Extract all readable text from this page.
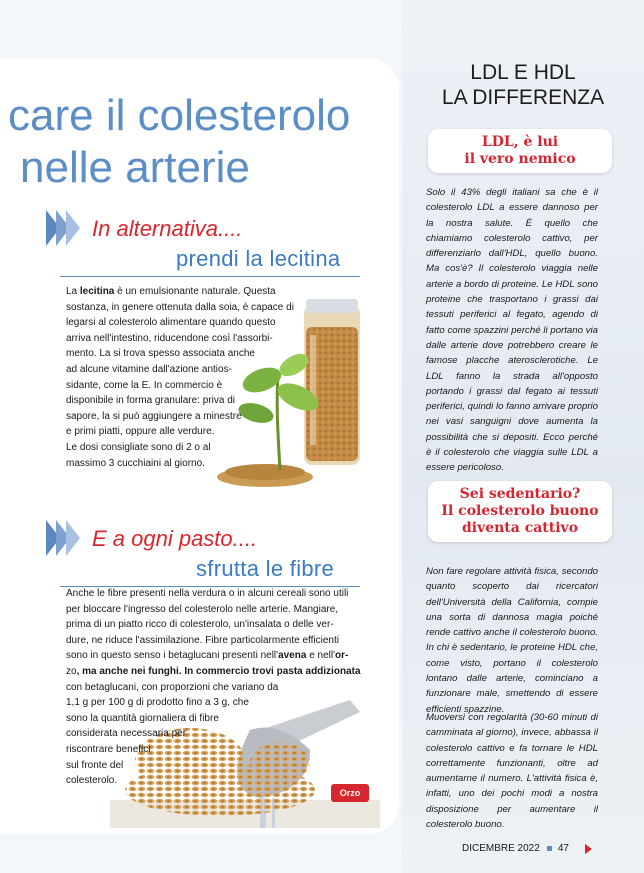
care il colesterolo
nelle arterie
In alternativa....
prendi la lecitina
La lecitina è un emulsionante naturale. Questa
sostanza, in genere ottenuta dalla soia, è capace di
legarsi al colesterolo alimentare quando questo
arriva nell'intestino, riducendone così l'assorbi-
mento. La si trova spesso associata anche
ad alcune vitamine dall'azione antios-
sidante, come la E. In commercio è
disponibile in forma granulare: priva di
sapore, la si può aggiungere a minestre
e primi piatti, oppure alle verdure.
Le dosi consigliate sono di 2 o al
massimo 3 cucchiaini al giorno.
E a ogni pasto....
sfrutta le fibre
Orzo
Anche le fibre presenti nella verdura o in alcuni cereali sono utili
per bloccare l'ingresso del colesterolo nelle arterie. Mangiare,
prima di un piatto ricco di colesterolo, un'insalata o delle ver-
dure, ne riduce l'assimilazione. Fibre particolarmente efficienti
sono in questo senso i betaglucani presenti nell'avena e nell'or-
zo, ma anche nei funghi. In commercio trovi pasta addizionata
con betaglucani, con proporzioni che variano da
1,1 g per 100 g di prodotto fino a 3 g, che
sono la quantità giornaliera di fibre
considerata necessaria per
riscontrare benefici
sul fronte del
colesterolo.
LDL E HDL
LA DIFFERENZA
LDL, è lui
il vero nemico

Solo il 43% degli italiani sa che è il colesterolo LDL a essere dannoso per la nostra salute. È quello che chiamiamo colesterolo cattivo, per differenziarlo dall'HDL, quello buono. Ma cos'è? Il colesterolo viaggia nelle arterie a bordo di proteine. Le HDL sono proteine che trasportano i grassi dai tessuti periferici al fegato, agendo di fatto come spazzini perché li portano via dalle arterie dove potrebbero creare le famose placche aterosclerotiche. Le LDL fanno la strada all'opposto portando i grassi dal fegato ai tessuti periferici, quindi lo fanno arrivare proprio nei vasi sanguigni dove aumenta la possibilità che si depositi. Ecco perché è il colesterolo che viaggia sulle LDL a essere pericoloso.

Sei sedentario?
Il colesterolo buono
diventa cattivo

Non fare regolare attività fisica, secondo quanto scoperto dai ricercatori dell'Università della California, compie una sorta di dannosa magia poiché rende cattivo anche il colesterolo buono. In chi è sedentario, le proteine HDL che, come visto, portano il colesterolo lontano dalle arterie, cominciano a funzionare male, smettendo di essere efficienti spazzine.

Muoversi con regolarità (30-60 minuti di camminata al giorno), invece, abbassa il colesterolo cattivo e fa tornare le HDL correttamente funzionanti, oltre ad aumentarne il numero. L'attività fisica è, infatti, uno dei pochi modi a nostra disposizione per aumentare il colesterolo buono.

DICEMBRE 2022 47
